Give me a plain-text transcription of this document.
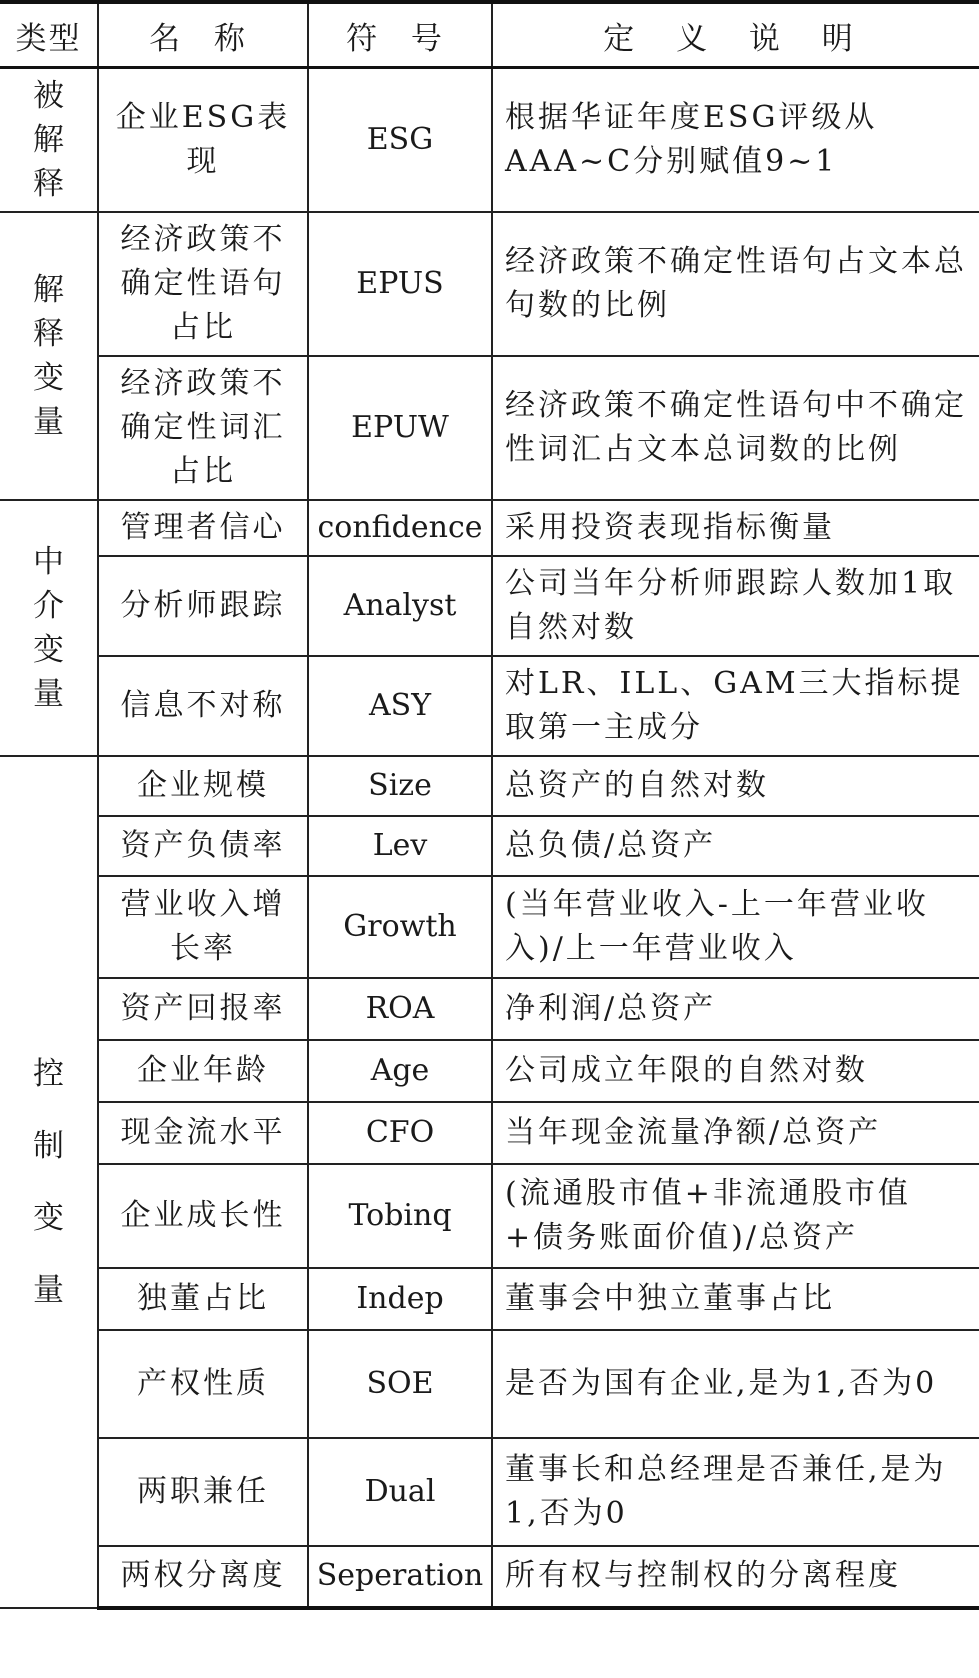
类型	名 称	符 号	定 义 说 明

被
解
释	企业ESG表现	ESG	根据华证年度ESG评级从AAA~C分别赋值9~1

解
释
变
量	经济政策不确定性语句占比	EPUS	经济政策不确定性语句占文本总句数的比例
	经济政策不确定性词汇占比	EPUW	经济政策不确定性语句中不确定性词汇占文本总词数的比例

中
介
变
量	管理者信心	confidence	采用投资表现指标衡量
	分析师跟踪	Analyst	公司当年分析师跟踪人数加1取自然对数
	信息不对称	ASY	对LR、ILL、GAM三大指标提取第一主成分

控
制
变
量	企业规模	Size	总资产的自然对数
	资产负债率	Lev	总负债/总资产
	营业收入增长率	Growth	(当年营业收入-上一年营业收入)/上一年营业收入
	资产回报率	ROA	净利润/总资产
	企业年龄	Age	公司成立年限的自然对数
	现金流水平	CFO	当年现金流量净额/总资产
	企业成长性	Tobinq	(流通股市值+非流通股市值+债务账面价值)/总资产
	独董占比	Indep	董事会中独立董事占比
	产权性质	SOE	是否为国有企业,是为1,否为0
	两职兼任	Dual	董事长和总经理是否兼任,是为1,否为0
	两权分离度	Seperation	所有权与控制权的分离程度
